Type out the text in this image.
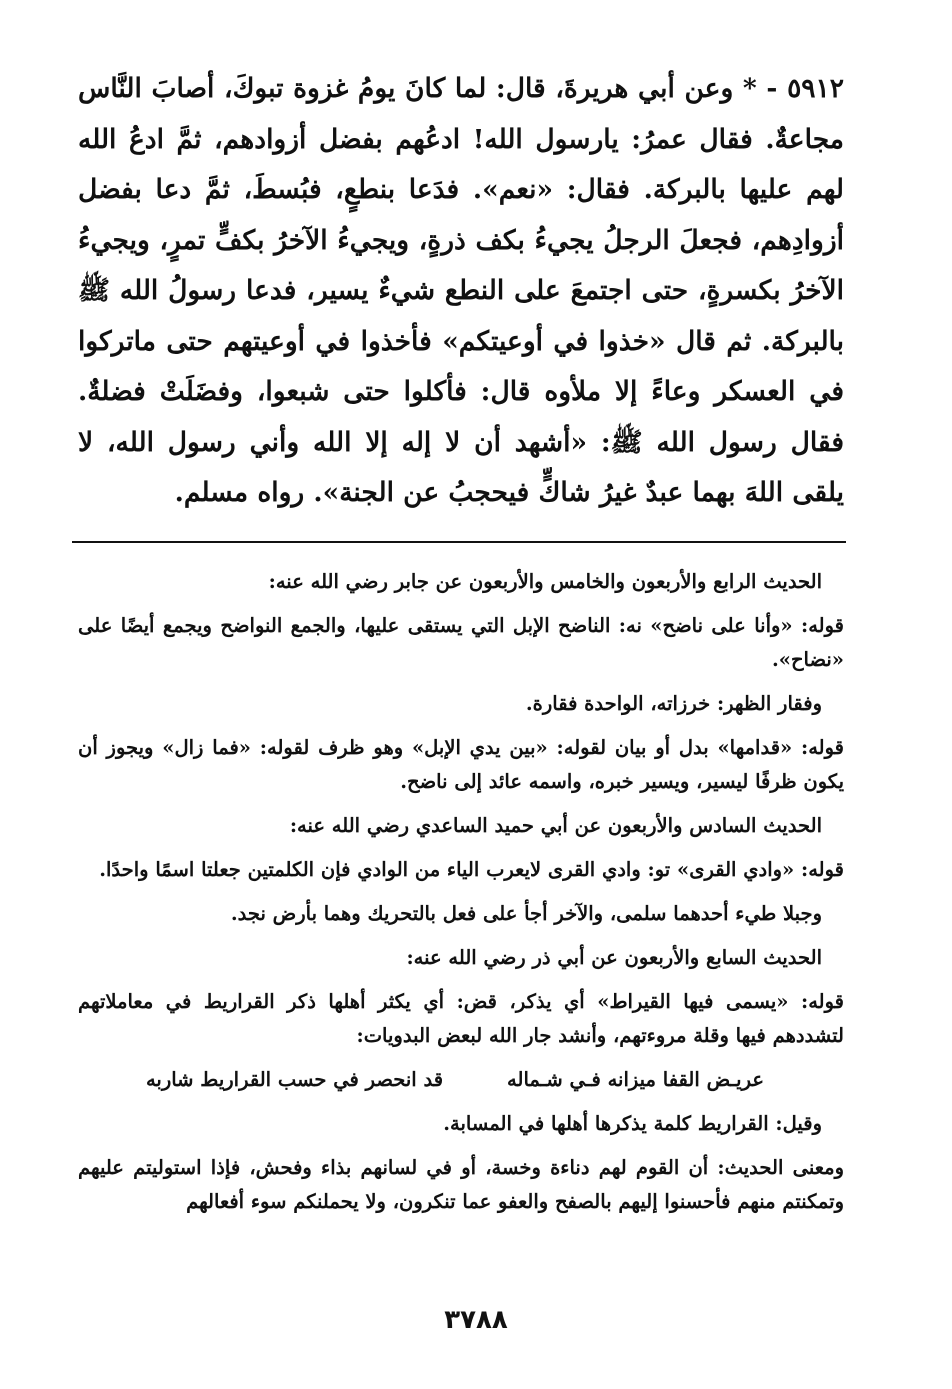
٥٩١٢ - * وعن أبي هريرةَ، قال: لما كانَ يومُ غزوة تبوكَ، أصابَ النَّاس مجاعةٌ. فقال عمرُ: يارسول الله! ادعُهم بفضل أزوادهم، ثمَّ ادعُ الله لهم عليها بالبركة. فقال: «نعم». فدَعا بنطعٍ، فبُسطَ، ثمَّ دعا بفضل أزوادِهم، فجعلَ الرجلُ يجيءُ بكف ذرةٍ، ويجيءُ الآخرُ بكفٍّ تمرٍ، ويجيءُ الآخرُ بكسرةٍ، حتى اجتمعَ على النطع شيءٌ يسير، فدعا رسولُ الله ﷺ بالبركة. ثم قال «خذوا في أوعيتكم» فأخذوا في أوعيتهم حتى ماتركوا في العسكر وعاءً إلا ملأوه قال: فأكلوا حتى شبعوا، وفضَلَتْ فضلةٌ. فقال رسول الله ﷺ: «أشهد أن لا إله إلا الله وأني رسول الله، لا يلقى اللهَ بهما عبدٌ غيرُ شاكٍّ فيحجبُ عن الجنة». رواه مسلم.

الحديث الرابع والأربعون والخامس والأربعون عن جابر رضي الله عنه:

قوله: «وأنا على ناضح» نه: الناضح الإبل التي يستقى عليها، والجمع النواضح ويجمع أيضًا على «نضاح».

وفقار الظهر: خرزاته، الواحدة فقارة.

قوله: «قدامها» بدل أو بيان لقوله: «بين يدي الإبل» وهو ظرف لقوله: «فما زال» ويجوز أن يكون ظرفًا ليسير، ويسير خبره، واسمه عائد إلى ناضح.

الحديث السادس والأربعون عن أبي حميد الساعدي رضي الله عنه:

قوله: «وادي القرى» تو: وادي القرى لايعرب الياء من الوادي فإن الكلمتين جعلتا اسمًا واحدًا.

وجبلا طيء أحدهما سلمى، والآخر أجأ على فعل بالتحريك وهما بأرض نجد.

الحديث السابع والأربعون عن أبي ذر رضي الله عنه:

قوله: «يسمى فيها القيراط» أي يذكر، قض: أي يكثر أهلها ذكر القراريط في معاملاتهم لتشددهم فيها وقلة مروءتهم، وأنشد جار الله لبعض البدويات:

عريـض القفا ميزانه فـي شـماله
قد انحصر في حسب القراريط شاربه

وقيل: القراريط كلمة يذكرها أهلها في المسابة.

ومعنى الحديث: أن القوم لهم دناءة وخسة، أو في لسانهم بذاء وفحش، فإذا استوليتم عليهم وتمكنتم منهم فأحسنوا إليهم بالصفح والعفو عما تنكرون، ولا يحملنكم سوء أفعالهم

٣٧٨٨
